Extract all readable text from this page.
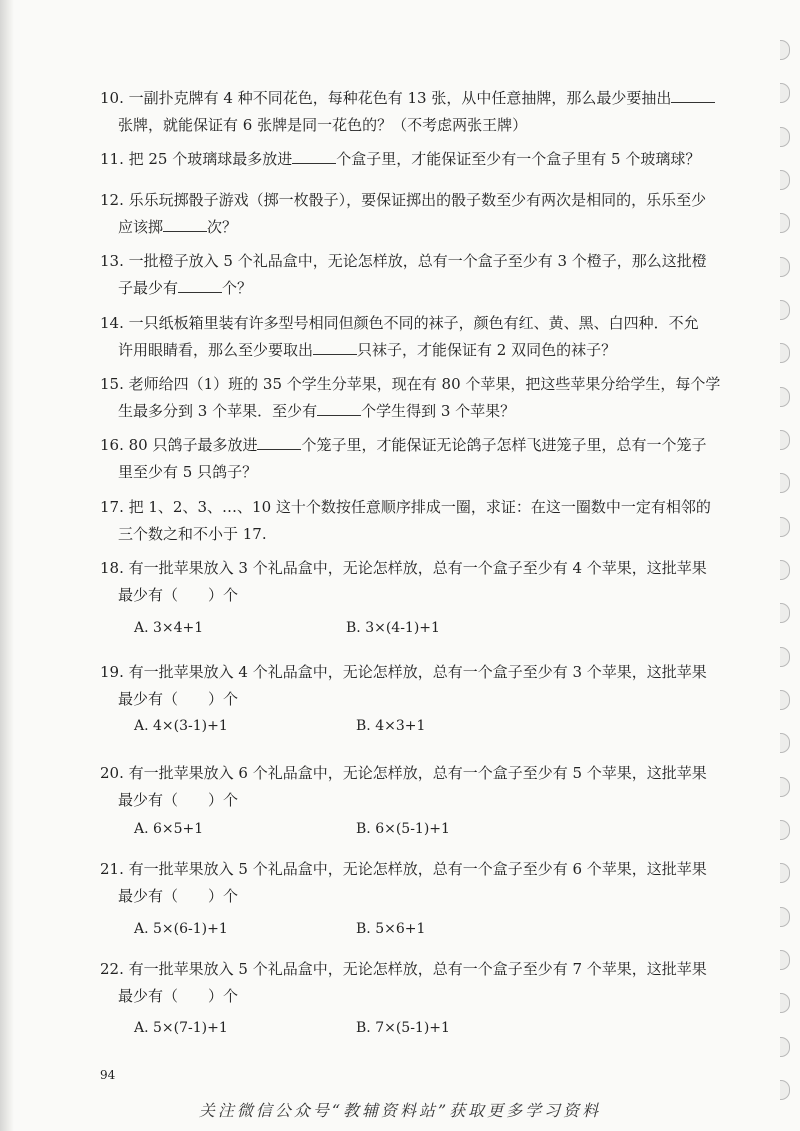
10. 一副扑克牌有 4 种不同花色，每种花色有 13 张，从中任意抽牌，那么最少要抽出
张牌，就能保证有 6 张牌是同一花色的？（不考虑两张王牌）
11. 把 25 个玻璃球最多放进	个盒子里，才能保证至少有一个盒子里有 5 个玻璃球？
12. 乐乐玩掷骰子游戏（掷一枚骰子），要保证掷出的骰子数至少有两次是相同的，乐乐至少
应该掷	次？
13. 一批橙子放入 5 个礼品盒中，无论怎样放，总有一个盒子至少有 3 个橙子，那么这批橙
子最少有	个？
14. 一只纸板箱里装有许多型号相同但颜色不同的袜子，颜色有红、黄、黑、白四种．不允
许用眼睛看，那么至少要取出	只袜子，才能保证有 2 双同色的袜子？
15. 老师给四（1）班的 35 个学生分苹果，现在有 80 个苹果，把这些苹果分给学生，每个学
生最多分到 3 个苹果．至少有	个学生得到 3 个苹果？
16. 80 只鸽子最多放进	个笼子里，才能保证无论鸽子怎样飞进笼子里，总有一个笼子
里至少有 5 只鸽子？
17. 把 1、2、3、…、10 这十个数按任意顺序排成一圈，求证：在这一圈数中一定有相邻的
三个数之和不小于 17.
18. 有一批苹果放入 3 个礼品盒中，无论怎样放，总有一个盒子至少有 4 个苹果，这批苹果
最少有（　　）个
A. 3×4+1	B. 3×(4-1)+1
19. 有一批苹果放入 4 个礼品盒中，无论怎样放，总有一个盒子至少有 3 个苹果，这批苹果
最少有（　　）个
A. 4×(3-1)+1	B. 4×3+1
20. 有一批苹果放入 6 个礼品盒中，无论怎样放，总有一个盒子至少有 5 个苹果，这批苹果
最少有（　　）个
A. 6×5+1	B. 6×(5-1)+1
21. 有一批苹果放入 5 个礼品盒中，无论怎样放，总有一个盒子至少有 6 个苹果，这批苹果
最少有（　　）个
A. 5×(6-1)+1	B. 5×6+1
22. 有一批苹果放入 5 个礼品盒中，无论怎样放，总有一个盒子至少有 7 个苹果，这批苹果
最少有（　　）个
A. 5×(7-1)+1	B. 7×(5-1)+1
94
关注微信公众号“教辅资料站”获取更多学习资料
